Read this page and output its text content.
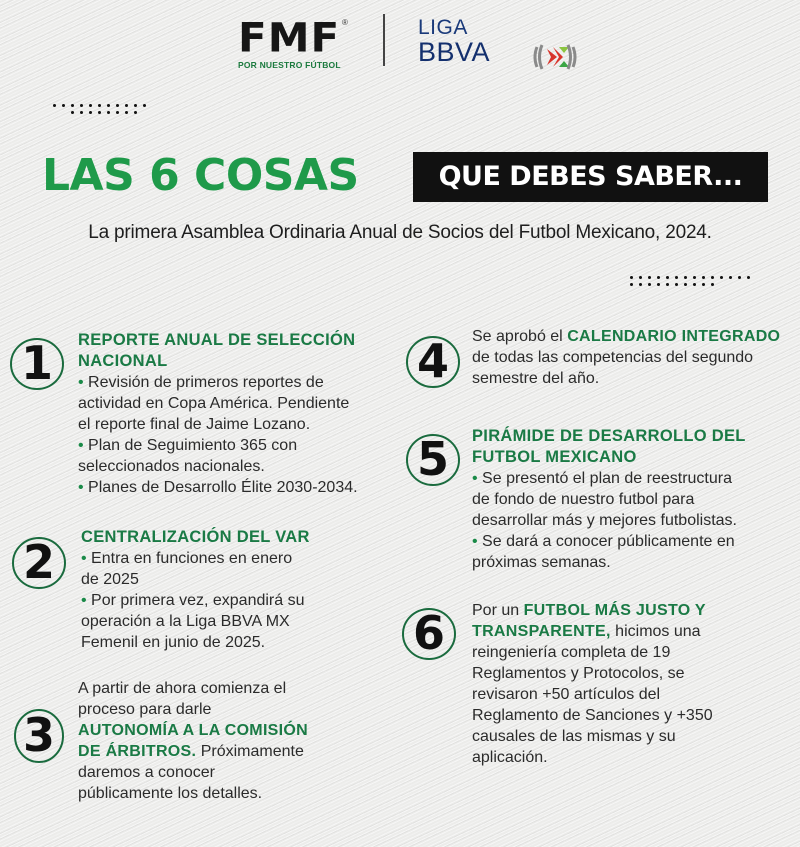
FMF ®
POR NUESTRO FÚTBOL
LIGA
BBVA
LAS 6 COSAS	QUE DEBES SABER...
La primera Asamblea Ordinaria Anual de Socios del Futbol Mexicano, 2024.
1	REPORTE ANUAL DE SELECCIÓN
NACIONAL
• Revisión de primeros reportes de
actividad en Copa América. Pendiente
el reporte final de Jaime Lozano.
• Plan de Seguimiento 365 con
seleccionados nacionales.
• Planes de Desarrollo Élite 2030-2034.
2	CENTRALIZACIÓN DEL VAR
• Entra en funciones en enero
de 2025
• Por primera vez, expandirá su
operación a la Liga BBVA MX
Femenil en junio de 2025.
3
A partir de ahora comienza el
proceso para darle
AUTONOMÍA A LA COMISIÓN
DE ÁRBITROS. Próximamente
daremos a conocer
públicamente los detalles.
4	Se aprobó el CALENDARIO INTEGRADO
de todas las competencias del segundo
semestre del año.
5	PIRÁMIDE DE DESARROLLO DEL
FUTBOL MEXICANO
• Se presentó el plan de reestructura
de fondo de nuestro futbol para
desarrollar más y mejores futbolistas.
• Se dará a conocer públicamente en
próximas semanas.
6	Por un FUTBOL MÁS JUSTO Y
TRANSPARENTE, hicimos una
reingeniería completa de 19
Reglamentos y Protocolos, se
revisaron +50 artículos del
Reglamento de Sanciones y +350
causales de las mismas y su
aplicación.
